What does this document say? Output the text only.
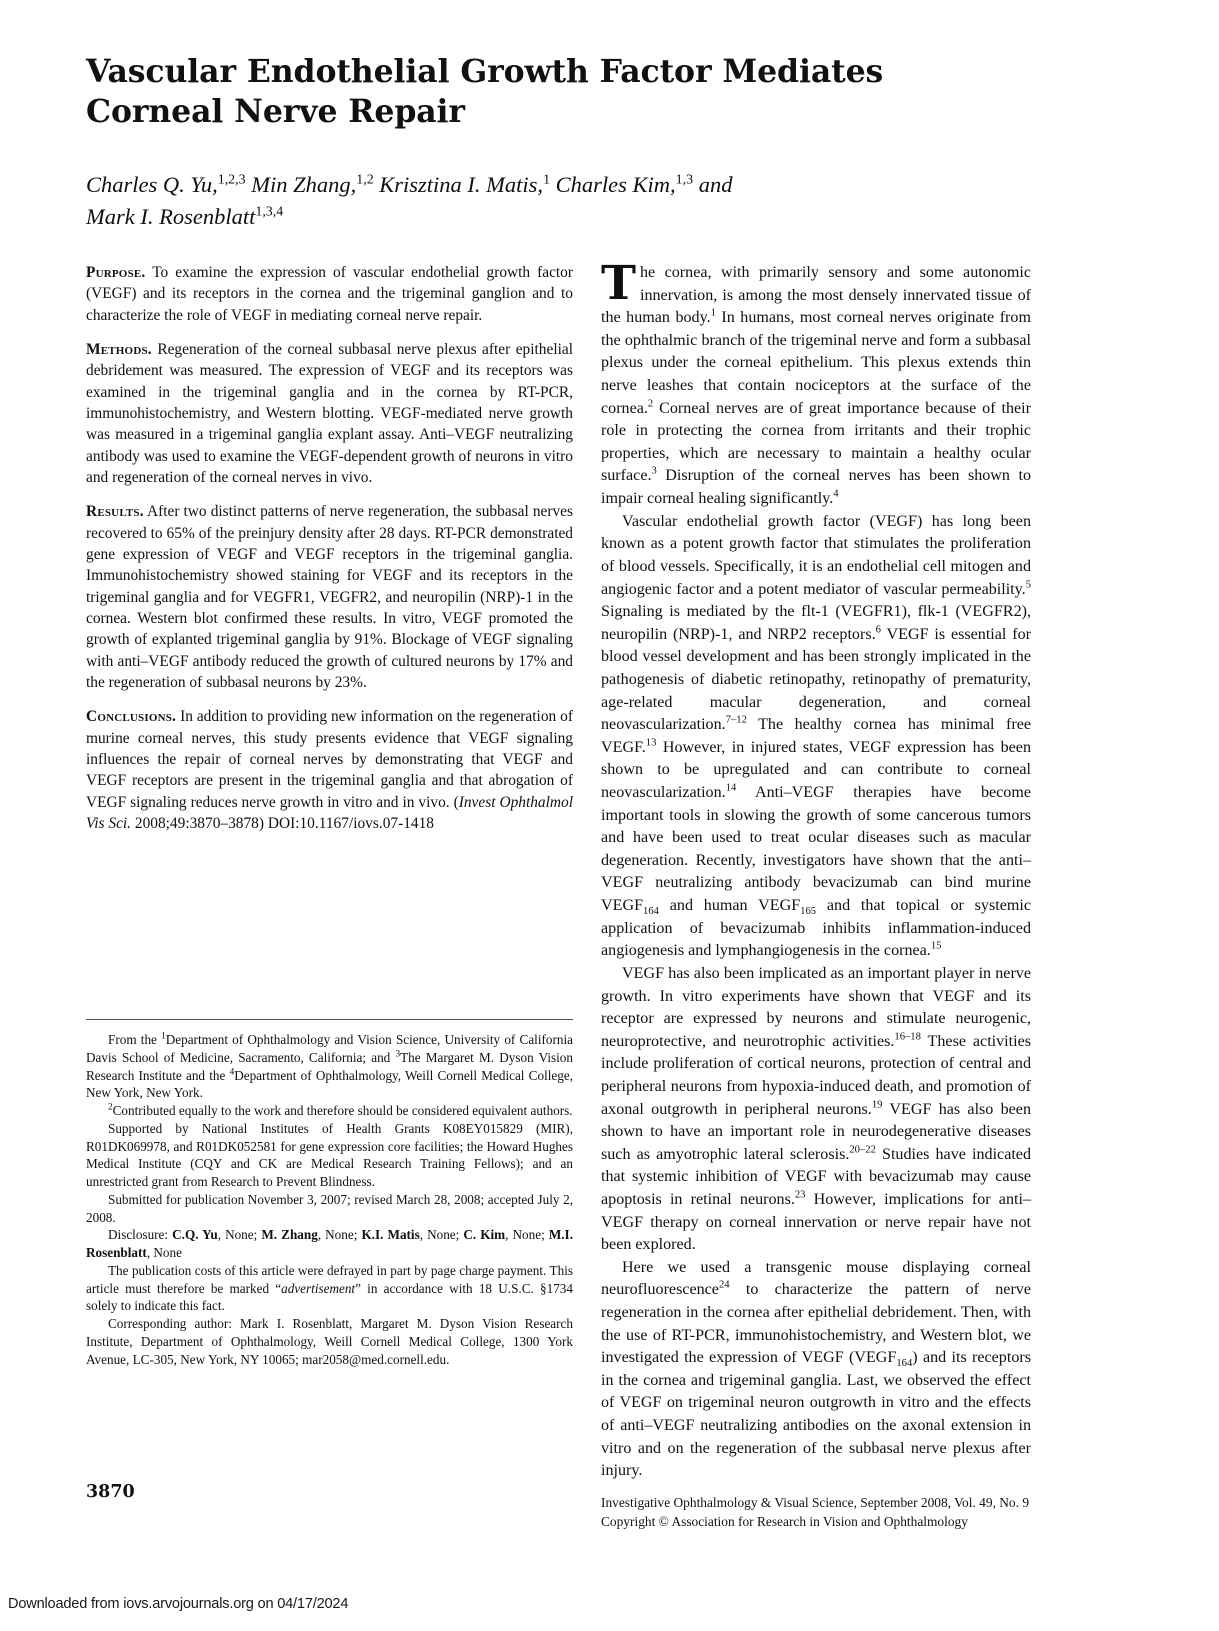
Vascular Endothelial Growth Factor Mediates Corneal Nerve Repair
Charles Q. Yu,$^{1,2,3}$ Min Zhang,$^{1,2}$ Krisztina I. Matis,$^1$ Charles Kim,$^{1,3}$ and
Mark I. Rosenblatt$^{1,3,4}$

Purpose. To examine the expression of vascular endothelial growth factor (VEGF) and its receptors in the cornea and the trigeminal ganglion and to characterize the role of VEGF in mediating corneal nerve repair.

Methods. Regeneration of the corneal subbasal nerve plexus after epithelial debridement was measured. The expression of VEGF and its receptors was examined in the trigeminal ganglia and in the cornea by RT-PCR, immunohistochemistry, and Western blotting. VEGF-mediated nerve growth was measured in a trigeminal ganglia explant assay. Anti–VEGF neutralizing antibody was used to examine the VEGF-dependent growth of neurons in vitro and regeneration of the corneal nerves in vivo.

Results. After two distinct patterns of nerve regeneration, the subbasal nerves recovered to 65% of the preinjury density after 28 days. RT-PCR demonstrated gene expression of VEGF and VEGF receptors in the trigeminal ganglia. Immunohistochemistry showed staining for VEGF and its receptors in the trigeminal ganglia and for VEGFR1, VEGFR2, and neuropilin (NRP)-1 in the cornea. Western blot confirmed these results. In vitro, VEGF promoted the growth of explanted trigeminal ganglia by 91%. Blockage of VEGF signaling with anti–VEGF antibody reduced the growth of cultured neurons by 17% and the regeneration of subbasal neurons by 23%.

Conclusions. In addition to providing new information on the regeneration of murine corneal nerves, this study presents evidence that VEGF signaling influences the repair of corneal nerves by demonstrating that VEGF and VEGF receptors are present in the trigeminal ganglia and that abrogation of VEGF signaling reduces nerve growth in vitro and in vivo. (Invest Ophthalmol Vis Sci. 2008;49:3870–3878) DOI:10.1167/iovs.07-1418

From the $^1$Department of Ophthalmology and Vision Science, University of California Davis School of Medicine, Sacramento, California; and $^3$The Margaret M. Dyson Vision Research Institute and the $^4$Department of Ophthalmology, Weill Cornell Medical College, New York, New York.

$^2$Contributed equally to the work and therefore should be considered equivalent authors.

Supported by National Institutes of Health Grants K08EY015829 (MIR), R01DK069978, and R01DK052581 for gene expression core facilities; the Howard Hughes Medical Institute (CQY and CK are Medical Research Training Fellows); and an unrestricted grant from Research to Prevent Blindness.

Submitted for publication November 3, 2007; revised March 28, 2008; accepted July 2, 2008.

Disclosure: C.Q. Yu, None; M. Zhang, None; K.I. Matis, None; C. Kim, None; M.I. Rosenblatt, None

The publication costs of this article were defrayed in part by page charge payment. This article must therefore be marked “advertisement” in accordance with 18 U.S.C. §1734 solely to indicate this fact.

Corresponding author: Mark I. Rosenblatt, Margaret M. Dyson Vision Research Institute, Department of Ophthalmology, Weill Cornell Medical College, 1300 York Avenue, LC-305, New York, NY 10065; mar2058@med.cornell.edu.

The cornea, with primarily sensory and some autonomic innervation, is among the most densely innervated tissue of the human body.$^1$ In humans, most corneal nerves originate from the ophthalmic branch of the trigeminal nerve and form a subbasal plexus under the corneal epithelium. This plexus extends thin nerve leashes that contain nociceptors at the surface of the cornea.$^2$ Corneal nerves are of great importance because of their role in protecting the cornea from irritants and their trophic properties, which are necessary to maintain a healthy ocular surface.$^3$ Disruption of the corneal nerves has been shown to impair corneal healing significantly.$^4$

Vascular endothelial growth factor (VEGF) has long been known as a potent growth factor that stimulates the proliferation of blood vessels. Specifically, it is an endothelial cell mitogen and angiogenic factor and a potent mediator of vascular permeability.$^5$ Signaling is mediated by the flt-1 (VEGFR1), flk-1 (VEGFR2), neuropilin (NRP)-1, and NRP2 receptors.$^6$ VEGF is essential for blood vessel development and has been strongly implicated in the pathogenesis of diabetic retinopathy, retinopathy of prematurity, age-related macular degeneration, and corneal neovascularization.$^{7-12}$ The healthy cornea has minimal free VEGF.$^{13}$ However, in injured states, VEGF expression has been shown to be upregulated and can contribute to corneal neovascularization.$^{14}$ Anti–VEGF therapies have become important tools in slowing the growth of some cancerous tumors and have been used to treat ocular diseases such as macular degeneration. Recently, investigators have shown that the anti–VEGF neutralizing antibody bevacizumab can bind murine $VEGF_{164}$ and human $VEGF_{165}$ and that topical or systemic application of bevacizumab inhibits inflammation-induced angiogenesis and lymphangiogenesis in the cornea.$^{15}$

VEGF has also been implicated as an important player in nerve growth. In vitro experiments have shown that VEGF and its receptor are expressed by neurons and stimulate neurogenic, neuroprotective, and neurotrophic activities.$^{16-18}$ These activities include proliferation of cortical neurons, protection of central and peripheral neurons from hypoxia-induced death, and promotion of axonal outgrowth in peripheral neurons.$^{19}$ VEGF has also been shown to have an important role in neurodegenerative diseases such as amyotrophic lateral sclerosis.$^{20-22}$ Studies have indicated that systemic inhibition of VEGF with bevacizumab may cause apoptosis in retinal neurons.$^{23}$ However, implications for anti–VEGF therapy on corneal innervation or nerve repair have not been explored.

Here we used a transgenic mouse displaying corneal neurofluorescence$^{24}$ to characterize the pattern of nerve regeneration in the cornea after epithelial debridement. Then, with the use of RT-PCR, immunohistochemistry, and Western blot, we investigated the expression of VEGF $(VEGF_{164})$ and its receptors in the cornea and trigeminal ganglia. Last, we observed the effect of VEGF on trigeminal neuron outgrowth in vitro and the effects of anti–VEGF neutralizing antibodies on the axonal extension in vitro and on the regeneration of the subbasal nerve plexus after injury.

3870
Investigative Ophthalmology & Visual Science, September 2008, Vol. 49, No. 9
Copyright © Association for Research in Vision and Ophthalmology
Downloaded from iovs.arvojournals.org on 04/17/2024
